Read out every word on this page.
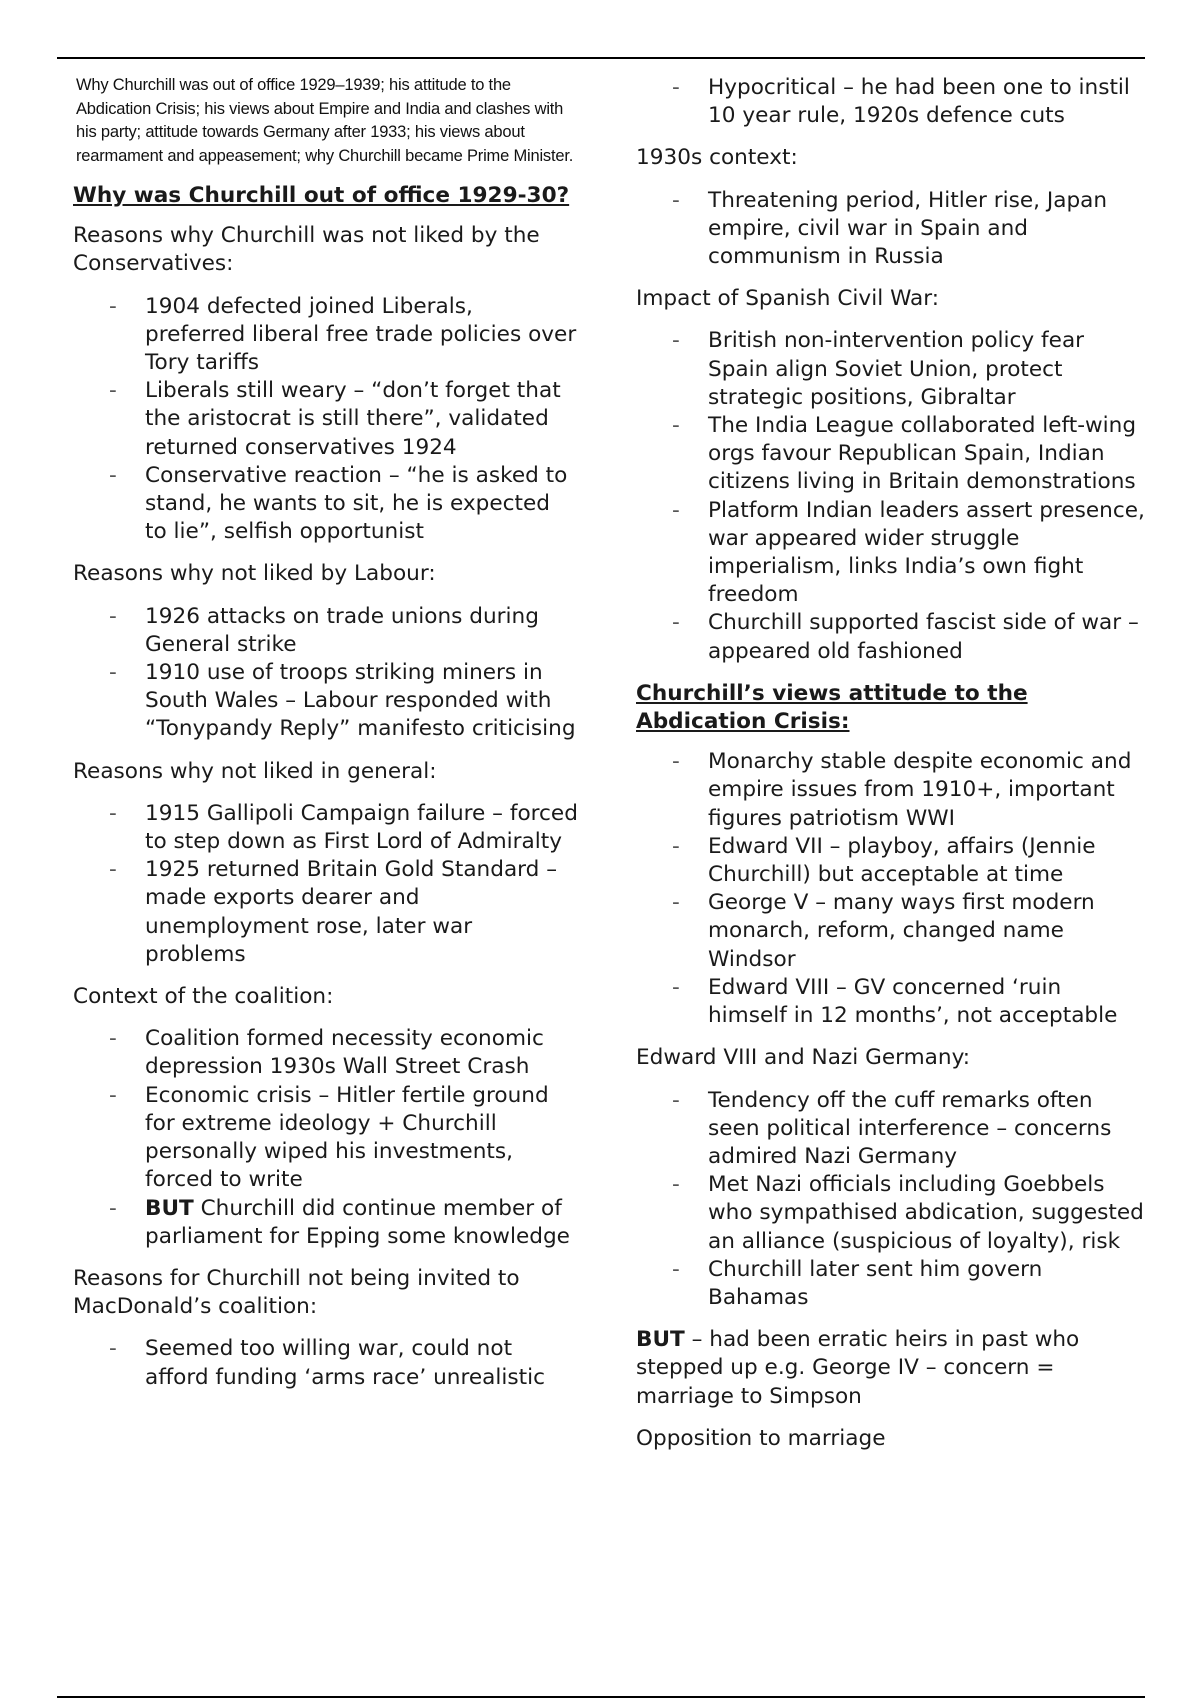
Why Churchill was out of office 1929–1939; his attitude to the Abdication Crisis; his views about Empire and India and clashes with his party; attitude towards Germany after 1933; his views about rearmament and appeasement; why Churchill became Prime Minister.

Why was Churchill out of office 1929-30?

Reasons why Churchill was not liked by the Conservatives:

- 1904 defected joined Liberals, preferred liberal free trade policies over Tory tariffs
- Liberals still weary – “don’t forget that the aristocrat is still there”, validated returned conservatives 1924
- Conservative reaction – “he is asked to stand, he wants to sit, he is expected to lie”, selfish opportunist

Reasons why not liked by Labour:

- 1926 attacks on trade unions during General strike
- 1910 use of troops striking miners in South Wales – Labour responded with “Tonypandy Reply” manifesto criticising

Reasons why not liked in general:

- 1915 Gallipoli Campaign failure – forced to step down as First Lord of Admiralty
- 1925 returned Britain Gold Standard – made exports dearer and unemployment rose, later war problems

Context of the coalition:

- Coalition formed necessity economic depression 1930s Wall Street Crash
- Economic crisis – Hitler fertile ground for extreme ideology + Churchill personally wiped his investments, forced to write
- BUT Churchill did continue member of parliament for Epping some knowledge

Reasons for Churchill not being invited to MacDonald’s coalition:

- Seemed too willing war, could not afford funding ‘arms race’ unrealistic
- Hypocritical – he had been one to instil 10 year rule, 1920s defence cuts

1930s context:

- Threatening period, Hitler rise, Japan empire, civil war in Spain and communism in Russia

Impact of Spanish Civil War:

- British non-intervention policy fear Spain align Soviet Union, protect strategic positions, Gibraltar
- The India League collaborated left-wing orgs favour Republican Spain, Indian citizens living in Britain demonstrations
- Platform Indian leaders assert presence, war appeared wider struggle imperialism, links India’s own fight freedom
- Churchill supported fascist side of war – appeared old fashioned

Churchill’s views attitude to the Abdication Crisis:

- Monarchy stable despite economic and empire issues from 1910+, important figures patriotism WWI
- Edward VII – playboy, affairs (Jennie Churchill) but acceptable at time
- George V – many ways first modern monarch, reform, changed name Windsor
- Edward VIII – GV concerned ‘ruin himself in 12 months’, not acceptable

Edward VIII and Nazi Germany:

- Tendency off the cuff remarks often seen political interference – concerns admired Nazi Germany
- Met Nazi officials including Goebbels who sympathised abdication, suggested an alliance (suspicious of loyalty), risk
- Churchill later sent him govern Bahamas

BUT – had been erratic heirs in past who stepped up e.g. George IV – concern = marriage to Simpson

Opposition to marriage
